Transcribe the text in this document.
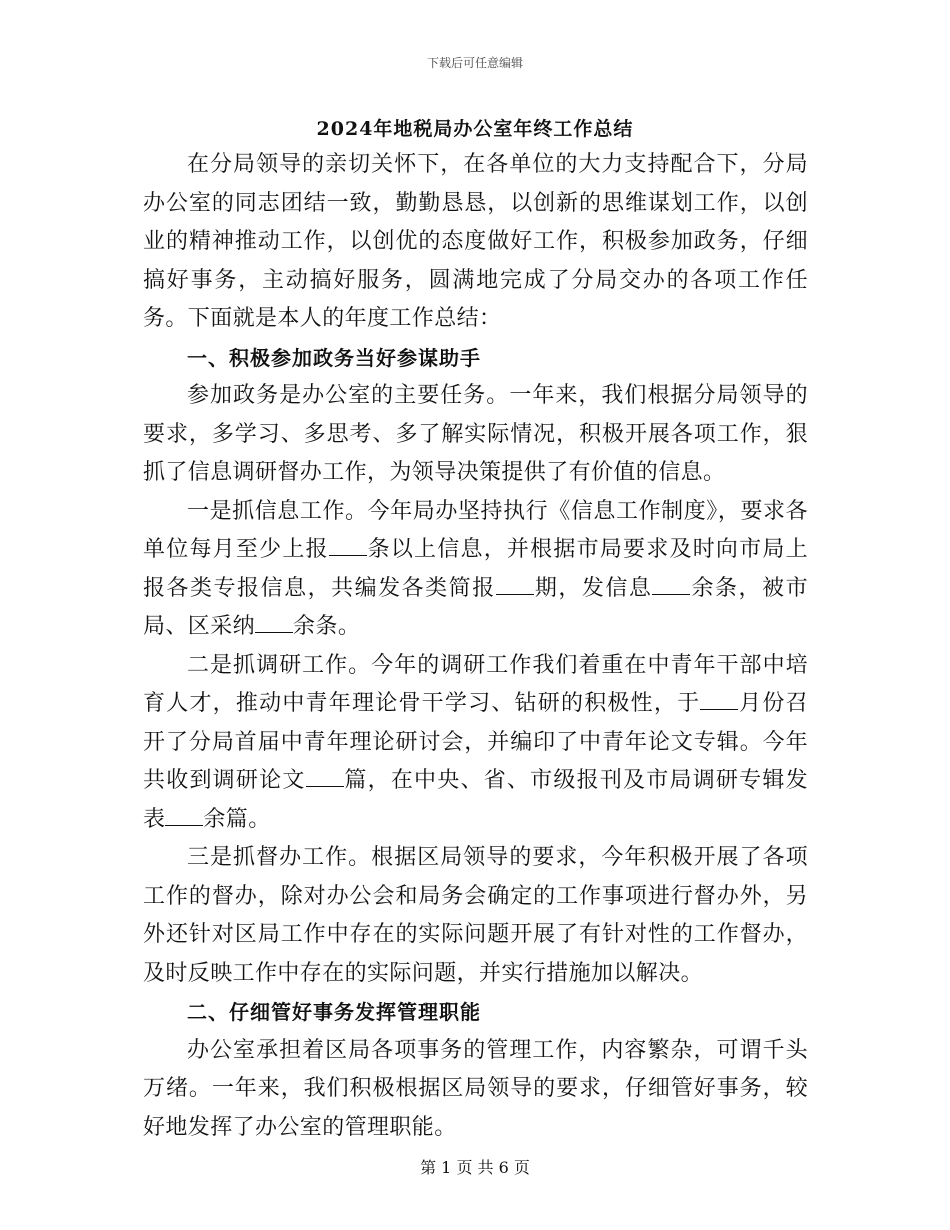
下载后可任意编辑
2024年地税局办公室年终工作总结

在分局领导的亲切关怀下，在各单位的大力支持配合下，分局办公室的同志团结一致，勤勤恳恳，以创新的思维谋划工作，以创业的精神推动工作，以创优的态度做好工作，积极参加政务，仔细搞好事务，主动搞好服务，圆满地完成了分局交办的各项工作任务。下面就是本人的年度工作总结：

一、积极参加政务当好参谋助手

参加政务是办公室的主要任务。一年来，我们根据分局领导的要求，多学习、多思考、多了解实际情况，积极开展各项工作，狠抓了信息调研督办工作，为领导决策提供了有价值的信息。

一是抓信息工作。今年局办坚持执行《信息工作制度》，要求各单位每月至少上报 条以上信息，并根据市局要求及时向市局上报各类专报信息，共编发各类简报 期，发信息 余条，被市局、区采纳 余条。

二是抓调研工作。今年的调研工作我们着重在中青年干部中培育人才，推动中青年理论骨干学习、钻研的积极性，于 月份召开了分局首届中青年理论研讨会，并编印了中青年论文专辑。今年共收到调研论文 篇，在中央、省、市级报刊及市局调研专辑发表 余篇。

三是抓督办工作。根据区局领导的要求，今年积极开展了各项工作的督办，除对办公会和局务会确定的工作事项进行督办外，另外还针对区局工作中存在的实际问题开展了有针对性的工作督办，及时反映工作中存在的实际问题，并实行措施加以解决。

二、仔细管好事务发挥管理职能

办公室承担着区局各项事务的管理工作，内容繁杂，可谓千头万绪。一年来，我们积极根据区局领导的要求，仔细管好事务，较好地发挥了办公室的管理职能。

第 1 页 共 6 页
